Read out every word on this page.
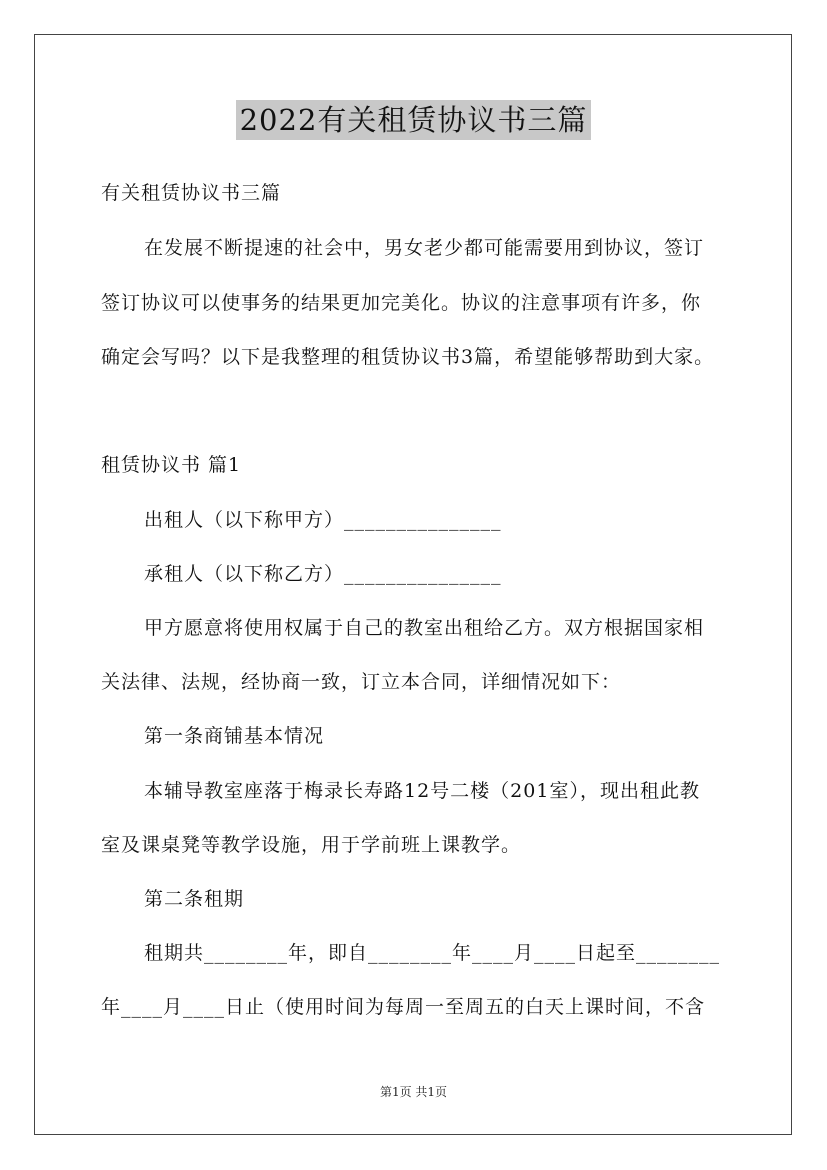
2022有关租赁协议书三篇
有关租赁协议书三篇
在发展不断提速的社会中，男女老少都可能需要用到协议，签订
签订协议可以使事务的结果更加完美化。协议的注意事项有许多，你
确定会写吗？以下是我整理的租赁协议书3篇，希望能够帮助到大家。
租赁协议书 篇1
出租人（以下称甲方）_______________
承租人（以下称乙方）_______________
甲方愿意将使用权属于自己的教室出租给乙方。双方根据国家相
关法律、法规，经协商一致，订立本合同，详细情况如下：
第一条商铺基本情况
本辅导教室座落于梅录长寿路12号二楼（201室），现出租此教
室及课桌凳等教学设施，用于学前班上课教学。
第二条租期
租期共________年，即自________年____月____日起至________
年____月____日止（使用时间为每周一至周五的白天上课时间，不含
第1页 共1页
